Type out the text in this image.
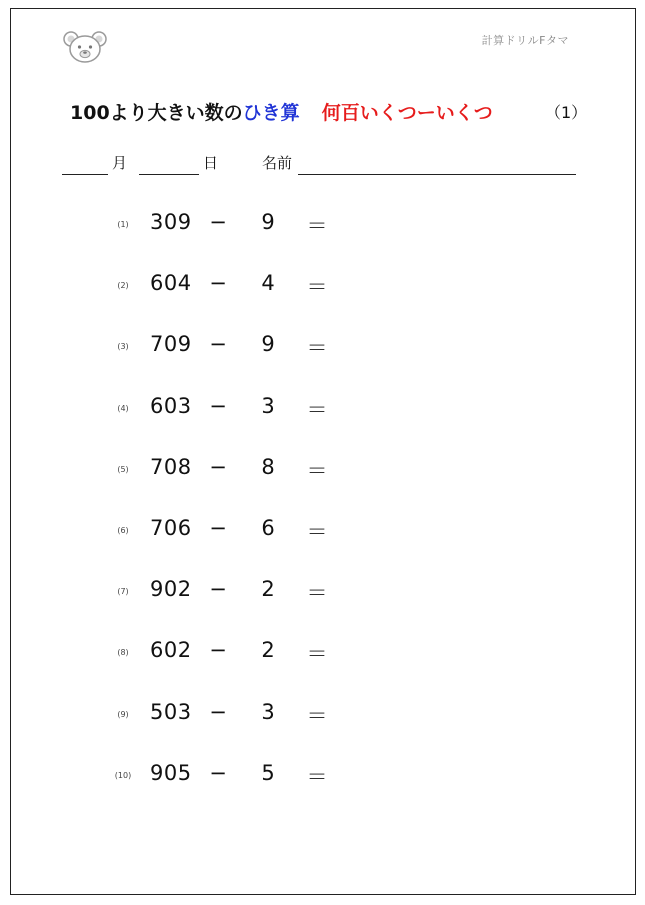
計算ドリルFタマ
100より大きい数のひき算 何百いくつーいくつ	（1）
月	日	名前
(1)	309 − 9 ＝
(2)	604 − 4 ＝
(3)	709 − 9 ＝
(4)	603 − 3 ＝
(5)	708 − 8 ＝
(6)	706 − 6 ＝
(7)	902 − 2 ＝
(8)	602 − 2 ＝
(9)	503 − 3 ＝
(10) 905 − 5 ＝
